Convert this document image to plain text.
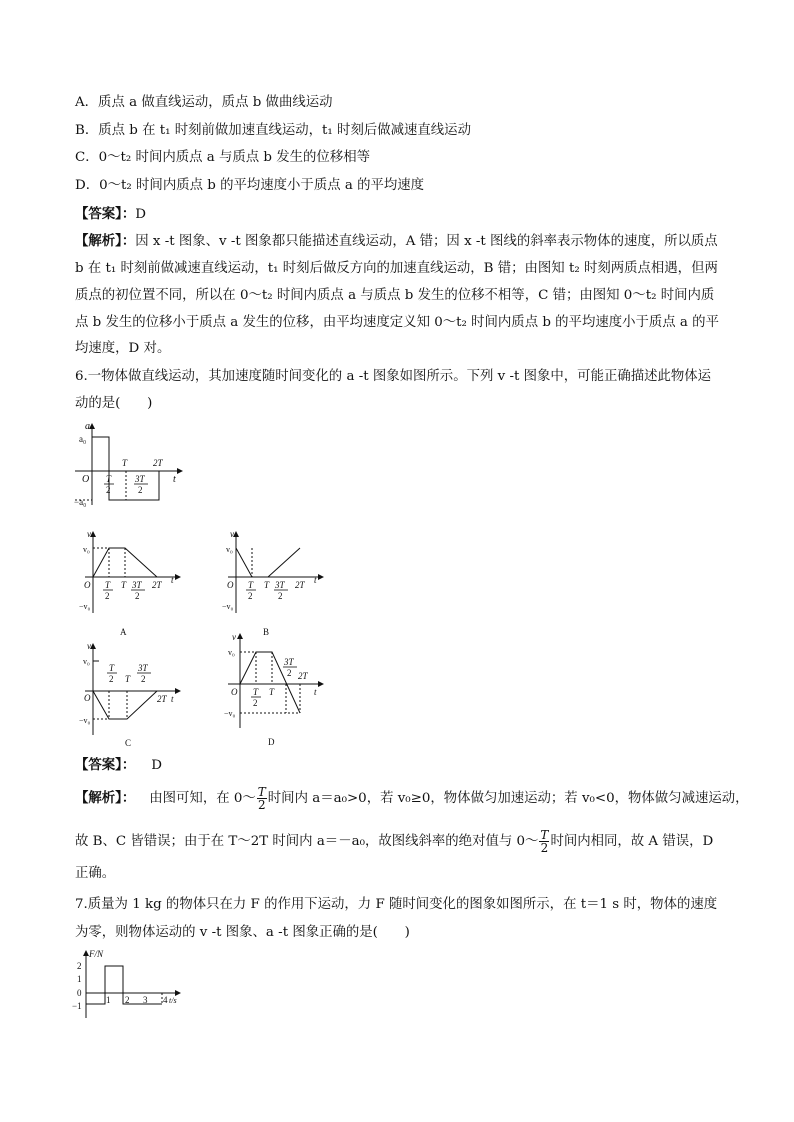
A．质点 a 做直线运动，质点 b 做曲线运动
B．质点 b 在 t₁ 时刻前做加速直线运动，t₁ 时刻后做减速直线运动
C．0～t₂ 时间内质点 a 与质点 b 发生的位移相等
D．0～t₂ 时间内质点 b 的平均速度小于质点 a 的平均速度
【答案】：D
【解析】：因 x -t 图象、v -t 图象都只能描述直线运动，A 错；因 x -t 图线的斜率表示物体的速度，所以质点
b 在 t₁ 时刻前做减速直线运动，t₁ 时刻后做反方向的加速直线运动，B 错；由图知 t₂ 时刻两质点相遇，但两
质点的初位置不同，所以在 0～t₂ 时间内质点 a 与质点 b 发生的位移不相等，C 错；由图知 0～t₂ 时间内质
点 b 发生的位移小于质点 a 发生的位移，由平均速度定义知 0～t₂ 时间内质点 b 的平均速度小于质点 a 的平
均速度，D 对。
6.一物体做直线运动，其加速度随时间变化的 a -t 图象如图所示。下列 v -t 图象中，可能正确描述此物体运
动的是(　　)
a
a₀
−a₀
O	t
T
2
T
3T
2
2T
v
v₀
−v₀
O T
2
T 3T
2
2T t
A
v
v₀
−v₀
O T
2
T 3T
2
2T t
B
v
v₀
−v₀
O
T
2 T
3T
2
2T t
C
v
v₀
−v₀
O T
2
T
3T
2 2T
t
D
【答案】： D
【解析】： 由图可知，在 0～ $\frac{T}{2}$ 时间内 a＝a₀>0，若 v₀≥0，物体做匀加速运动；若 v₀<0，物体做匀减速运动，
故 B、C 皆错误；由于在 T～2T 时间内 a＝－a₀，故图线斜率的绝对值与 0～ $\frac{T}{2}$ 时间内相同，故 A 错误，D
正确。
7.质量为 1 kg 的物体只在力 F 的作用下运动，力 F 随时间变化的图象如图所示，在 t＝1 s 时，物体的速度
为零，则物体运动的 v -t 图象、a -t 图象正确的是(　　)
F/N
2
1
0
−1
1 2 3 4 t/s
